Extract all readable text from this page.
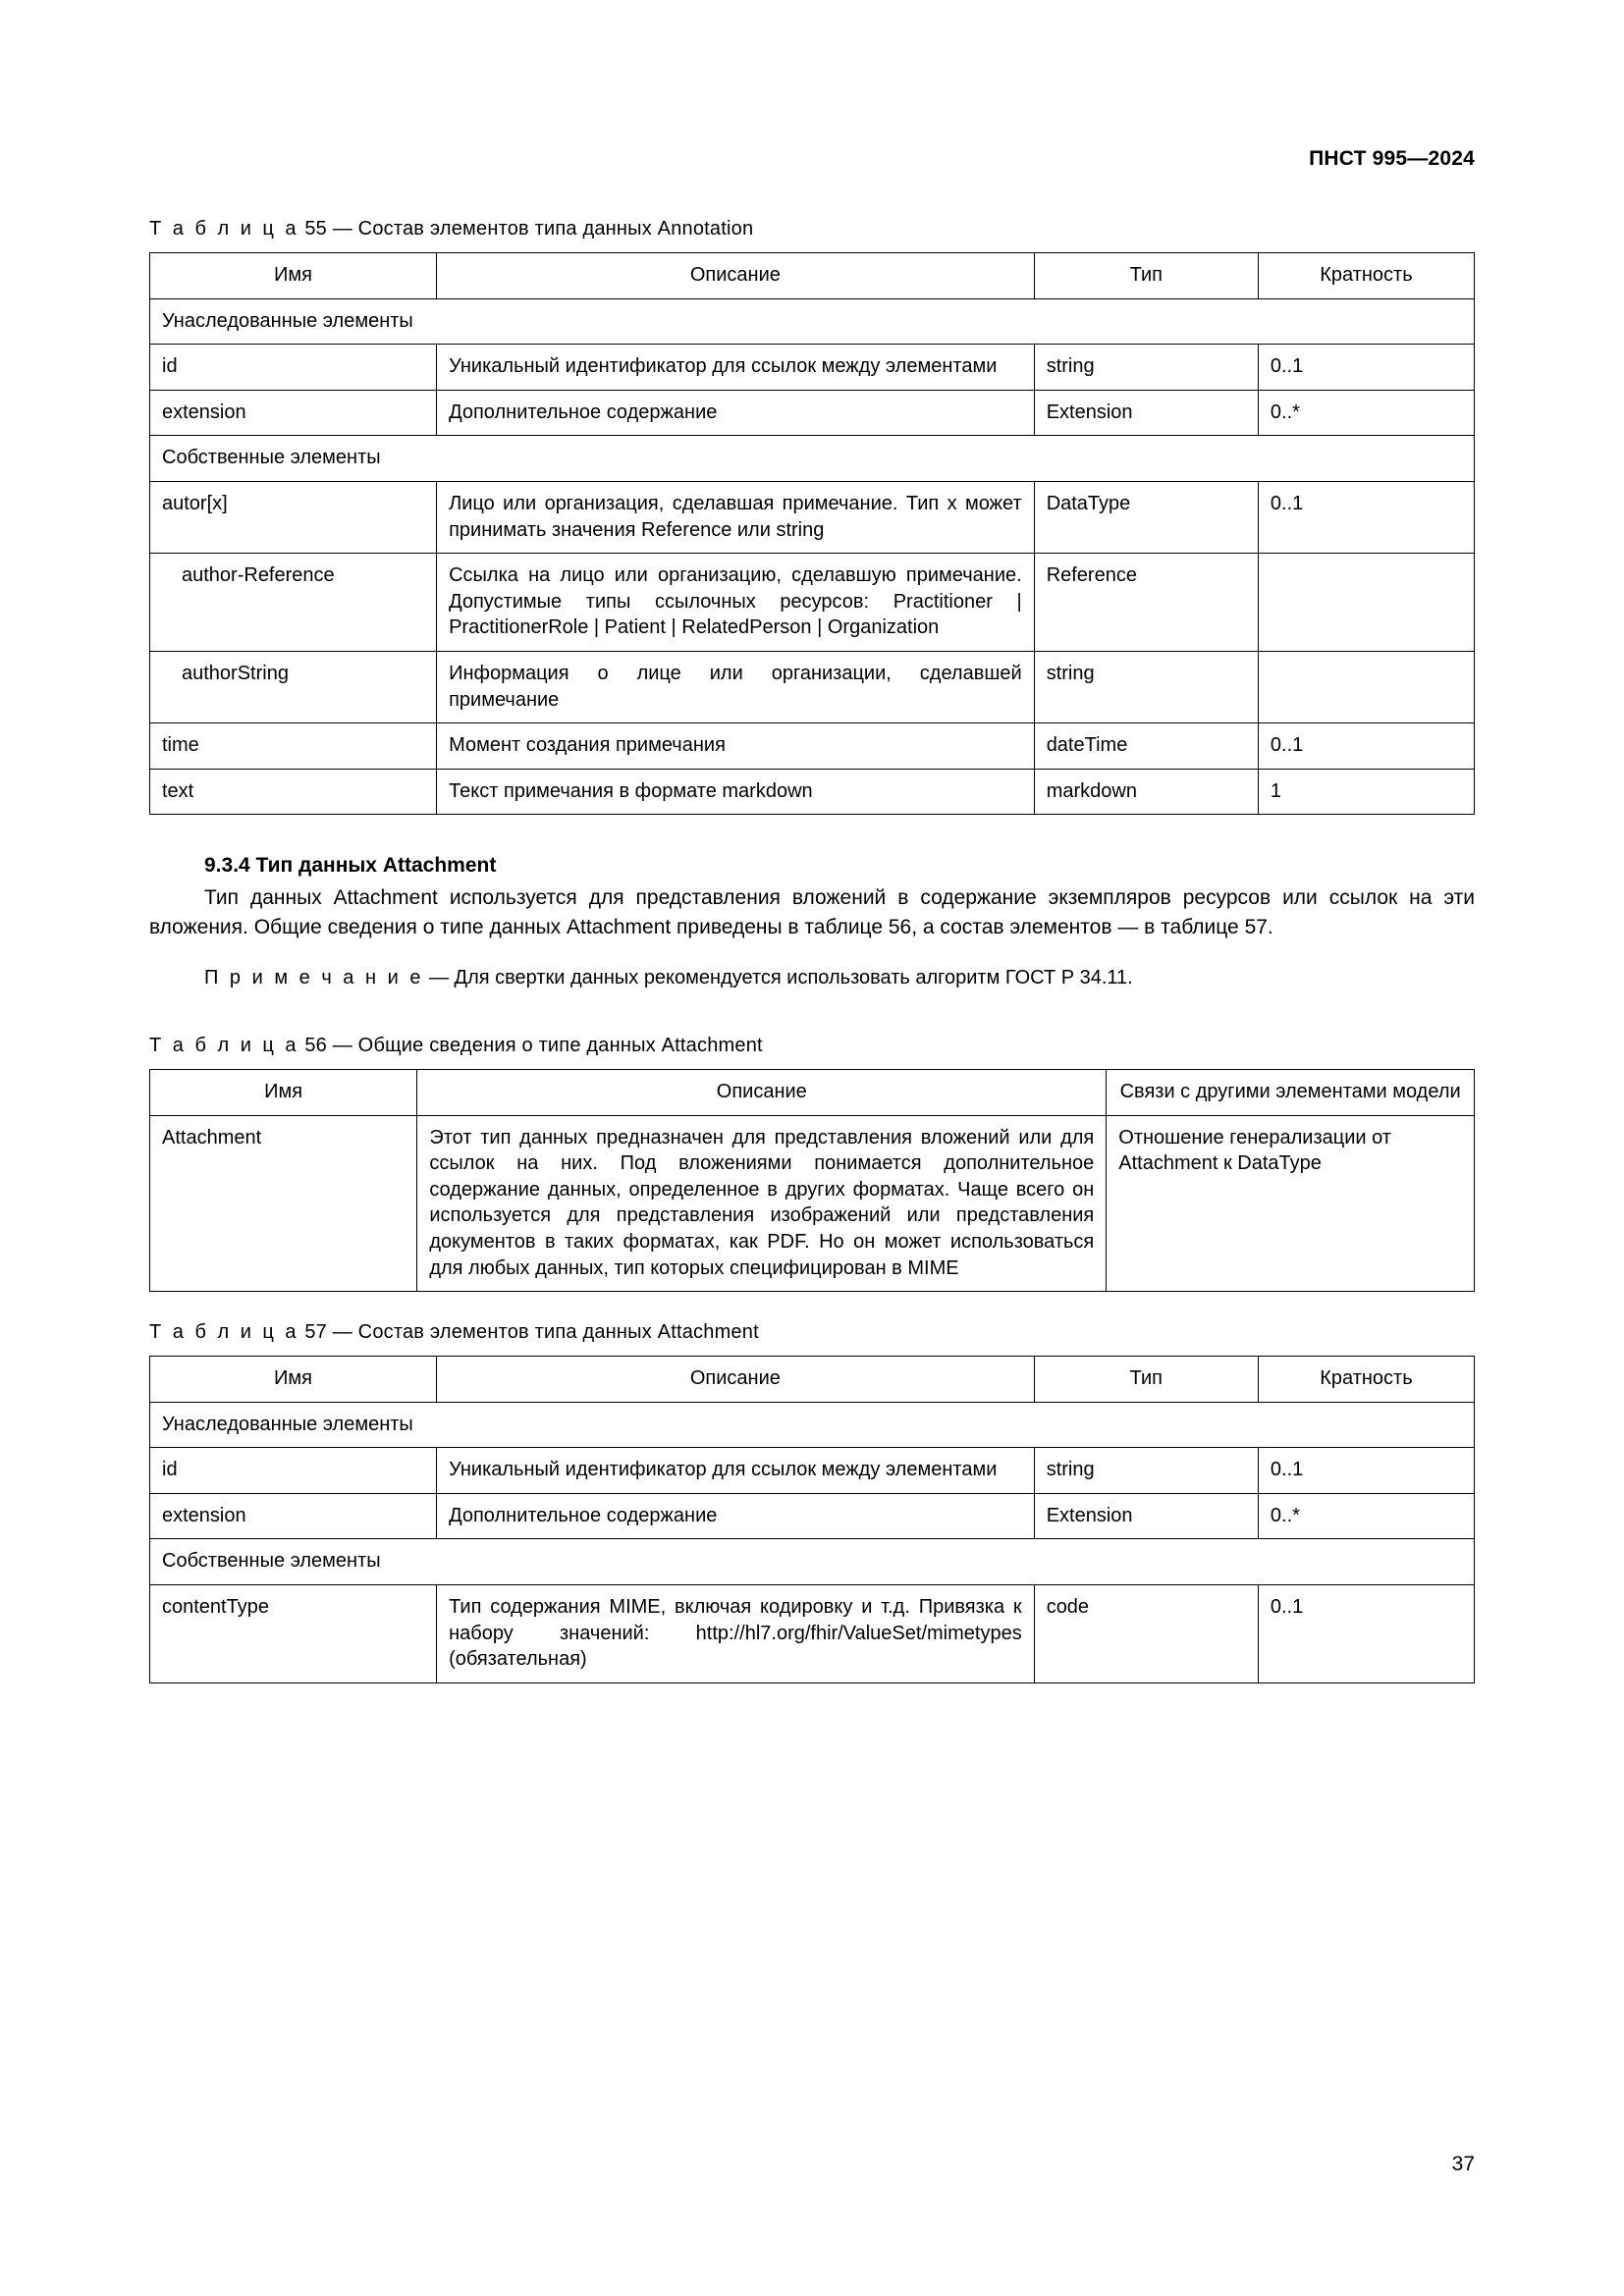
ПНСТ 995—2024
Т а б л и ц а 55 — Состав элементов типа данных Annotation
Имя	Описание	Тип	Кратность
Унаследованные элементы			
id	Уникальный идентификатор для ссылок между элементами	string	0..1
extension	Дополнительное содержание	Extension	0..*
Собственные элементы			
autor[x]	Лицо или организация, сделавшая примечание. Тип х может принимать значения Reference или string	DataType	0..1
author-Reference	Ссылка на лицо или организацию, сделавшую примечание. Допустимые типы ссылочных ресурсов: Practitioner | PractitionerRole | Patient | RelatedPerson | Organization	Reference	
authorString	Информация о лице или организации, сделавшей примечание	string	
time	Момент создания примечания	dateTime	0..1
text	Текст примечания в формате markdown	markdown	1
9.3.4 Тип данных Attachment

Тип данных Attachment используется для представления вложений в содержание экземпляров ресурсов или ссылок на эти вложения. Общие сведения о типе данных Attachment приведены в таблице 56, а состав элементов — в таблице 57.

П р и м е ч а н и е — Для свертки данных рекомендуется использовать алгоритм ГОСТ Р 34.11.

Т а б л и ц а 56 — Общие сведения о типе данных Attachment
Имя	Описание	Связи с другими элементами модели
Attachment	Этот тип данных предназначен для представления вложений или для ссылок на них. Под вложениями понимается дополнительное содержание данных, определенное в других форматах. Чаще всего он используется для представления изображений или представления документов в таких форматах, как PDF. Но он может использоваться для любых данных, тип которых специфицирован в MIME	Отношение генерализации от Attachment к DataType
Т а б л и ц а 57 — Состав элементов типа данных Attachment
Имя	Описание	Тип	Кратность
Унаследованные элементы			
id	Уникальный идентификатор для ссылок между элементами	string	0..1
extension	Дополнительное содержание	Extension	0..*
Собственные элементы			
contentType	Тип содержания MIME, включая кодировку и т.д. Привязка к набору значений: http://hl7.org/fhir/ValueSet/mimetypes (обязательная)	code	0..1
37
